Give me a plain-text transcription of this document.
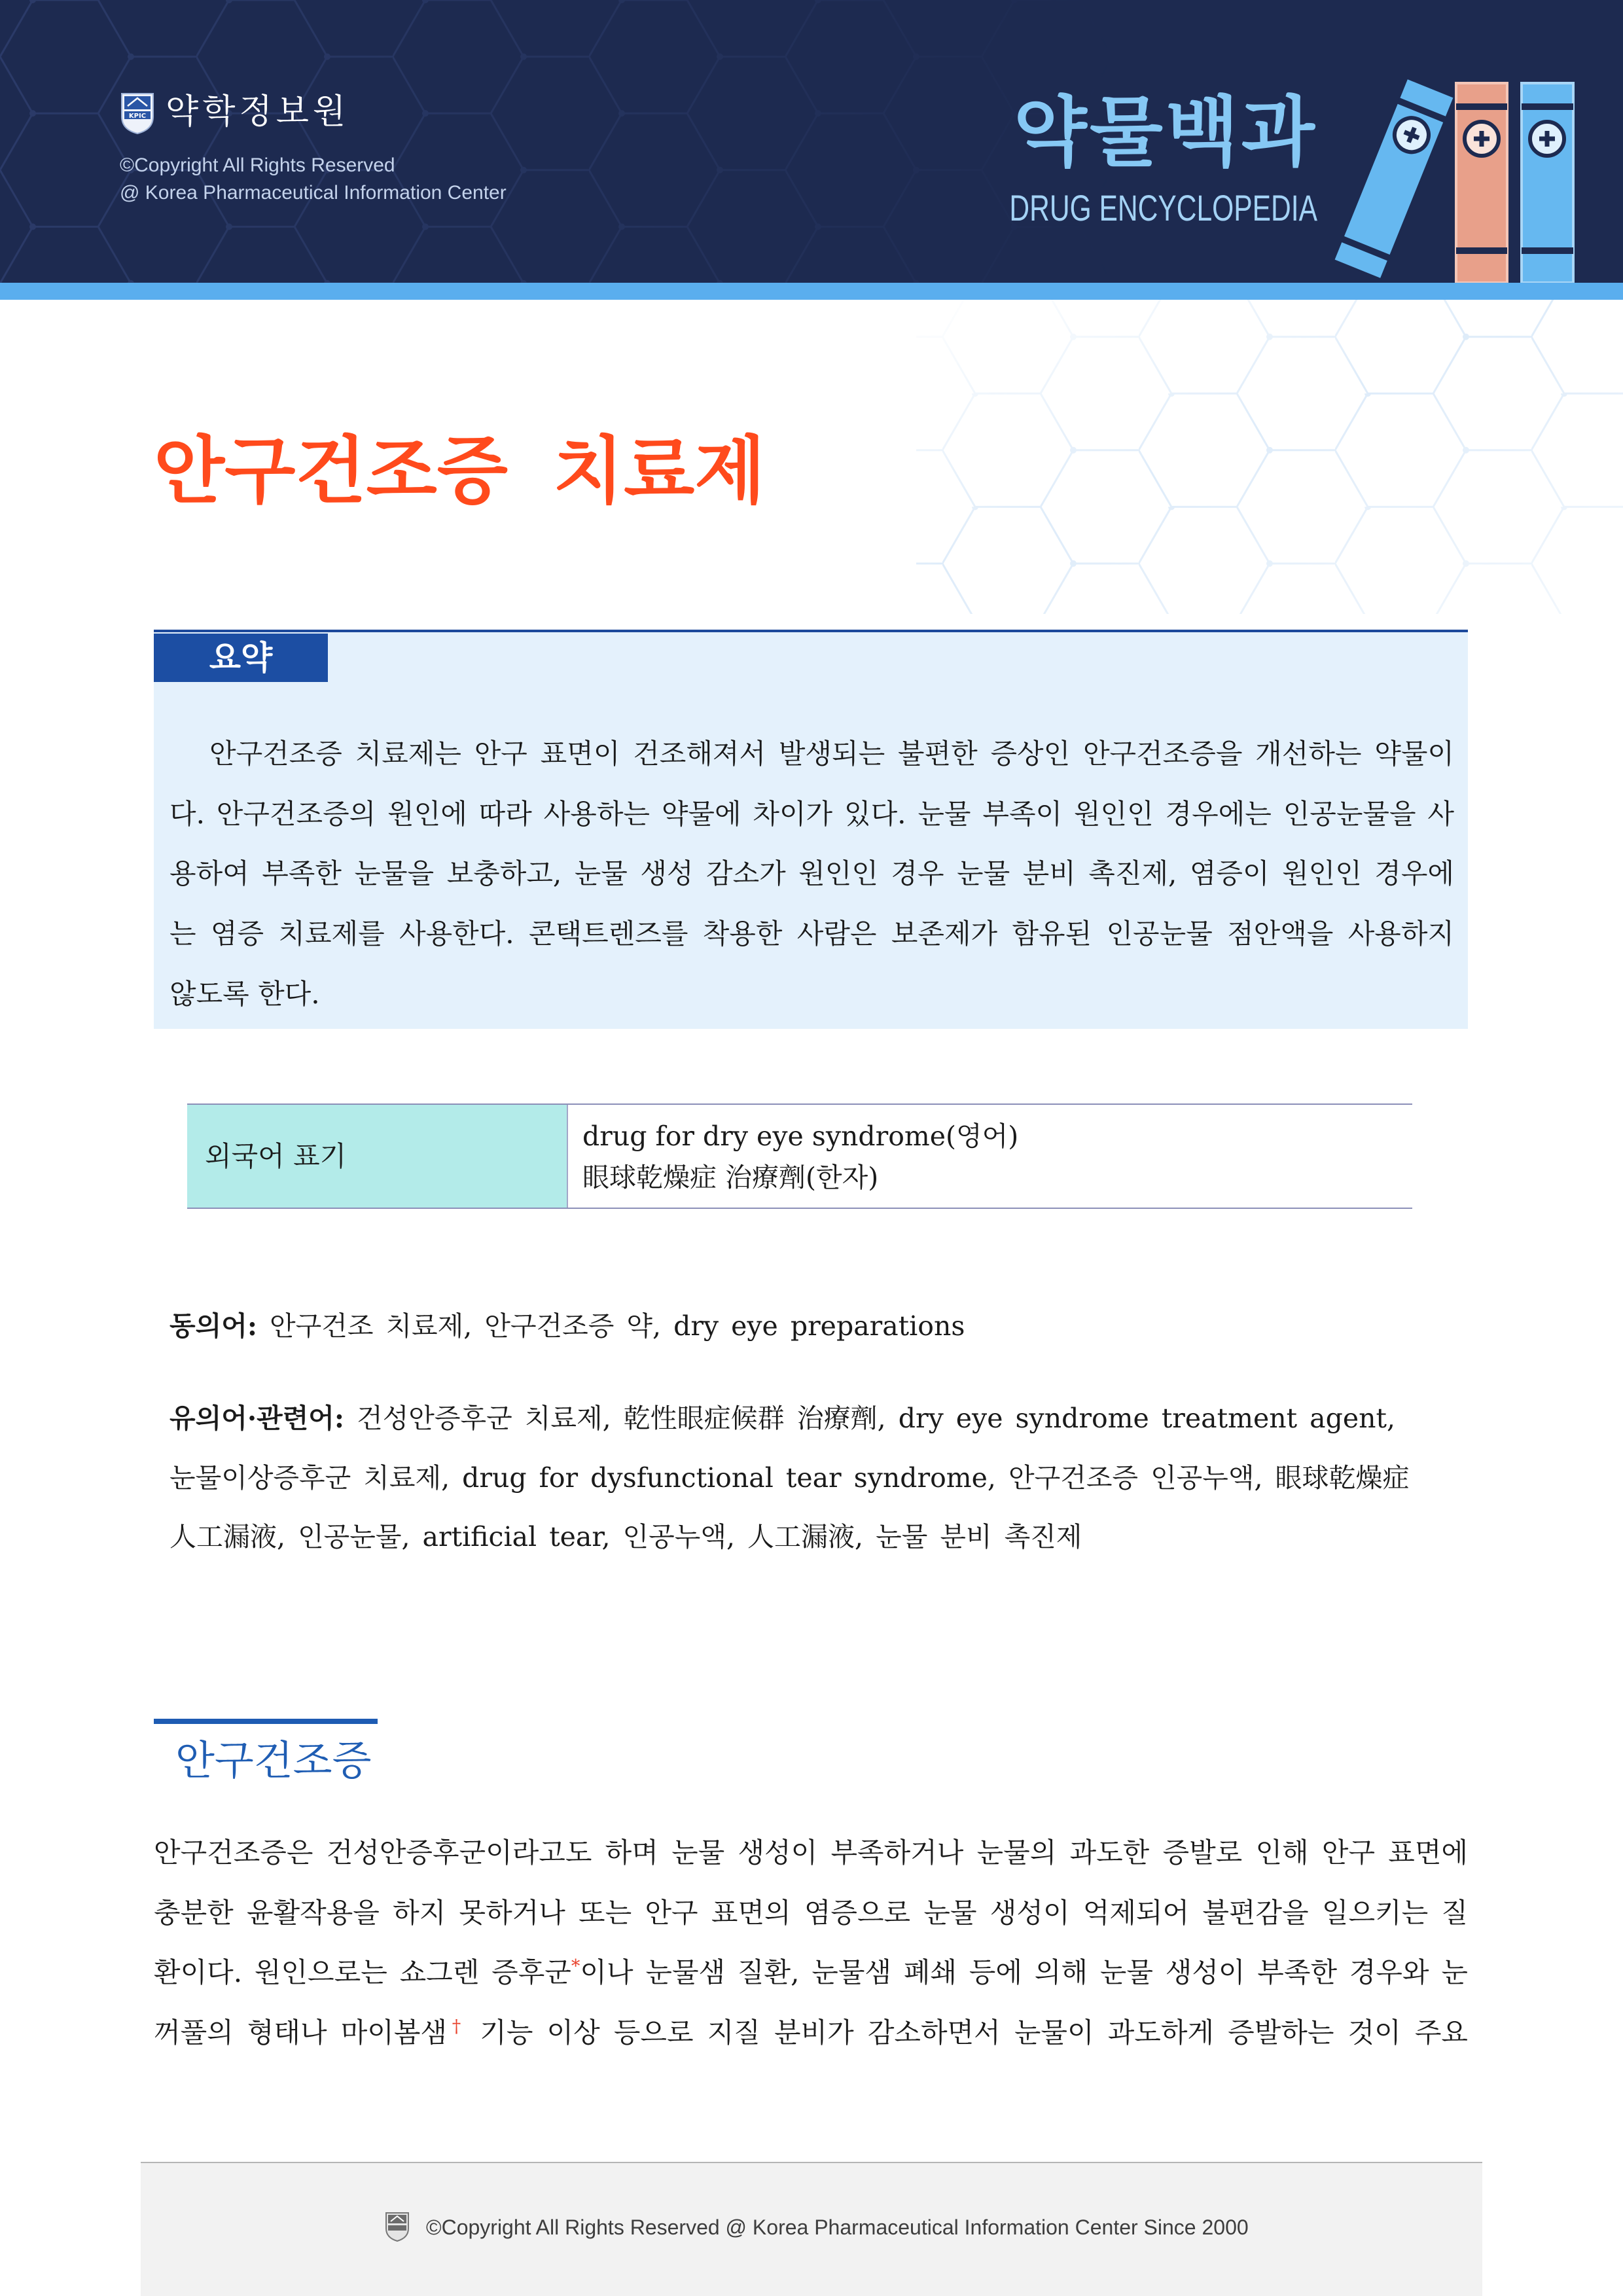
KPIC 약학정보원
©Copyright All Rights Reserved
@ Korea Pharmaceutical Information Center
약물백과
DRUG ENCYCLOPEDIA
안구건조증 치료제
요약
안구건조증 치료제는 안구 표면이 건조해져서 발생되는 불편한 증상인 안구건조증을 개선하는 약물이
다. 안구건조증의 원인에 따라 사용하는 약물에 차이가 있다. 눈물 부족이 원인인 경우에는 인공눈물을 사
용하여 부족한 눈물을 보충하고, 눈물 생성 감소가 원인인 경우 눈물 분비 촉진제, 염증이 원인인 경우에
는 염증 치료제를 사용한다. 콘택트렌즈를 착용한 사람은 보존제가 함유된 인공눈물 점안액을 사용하지
않도록 한다.
외국어 표기
drug for dry eye syndrome(영어)
眼球乾燥症 治療劑(한자)
동의어: 안구건조 치료제, 안구건조증 약, dry eye preparations
유의어·관련어: 건성안증후군 치료제, 乾性眼症候群 治療劑, dry eye syndrome treatment agent,
눈물이상증후군 치료제, drug for dysfunctional tear syndrome, 안구건조증 인공누액, 眼球乾燥症
人工漏液, 인공눈물, artificial tear, 인공누액, 人工漏液, 눈물 분비 촉진제
안구건조증
안구건조증은 건성안증후군이라고도 하며 눈물 생성이 부족하거나 눈물의 과도한 증발로 인해 안구 표면에
충분한 윤활작용을 하지 못하거나 또는 안구 표면의 염증으로 눈물 생성이 억제되어 불편감을 일으키는 질
환이다. 원인으로는 쇼그렌 증후군*이나 눈물샘 질환, 눈물샘 폐쇄 등에 의해 눈물 생성이 부족한 경우와 눈
꺼풀의 형태나 마이봄샘† 기능 이상 등으로 지질 분비가 감소하면서 눈물이 과도하게 증발하는 것이 주요
©Copyright All Rights Reserved @ Korea Pharmaceutical Information Center Since 2000
